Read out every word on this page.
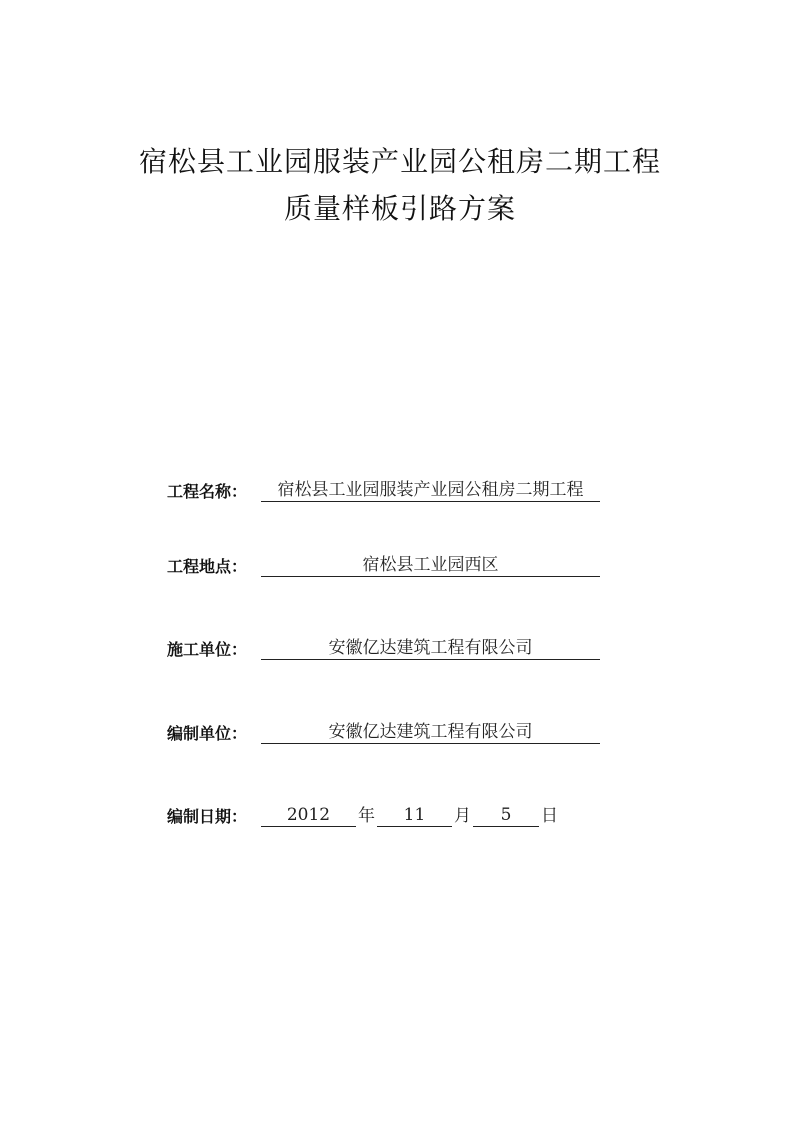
宿松县工业园服装产业园公租房二期工程
质量样板引路方案
工程名称：	宿松县工业园服装产业园公租房二期工程
工程地点：	宿松县工业园西区
施工单位：	安徽亿达建筑工程有限公司
编制单位：	安徽亿达建筑工程有限公司
编制日期：	2012	年	11	月	5	日
